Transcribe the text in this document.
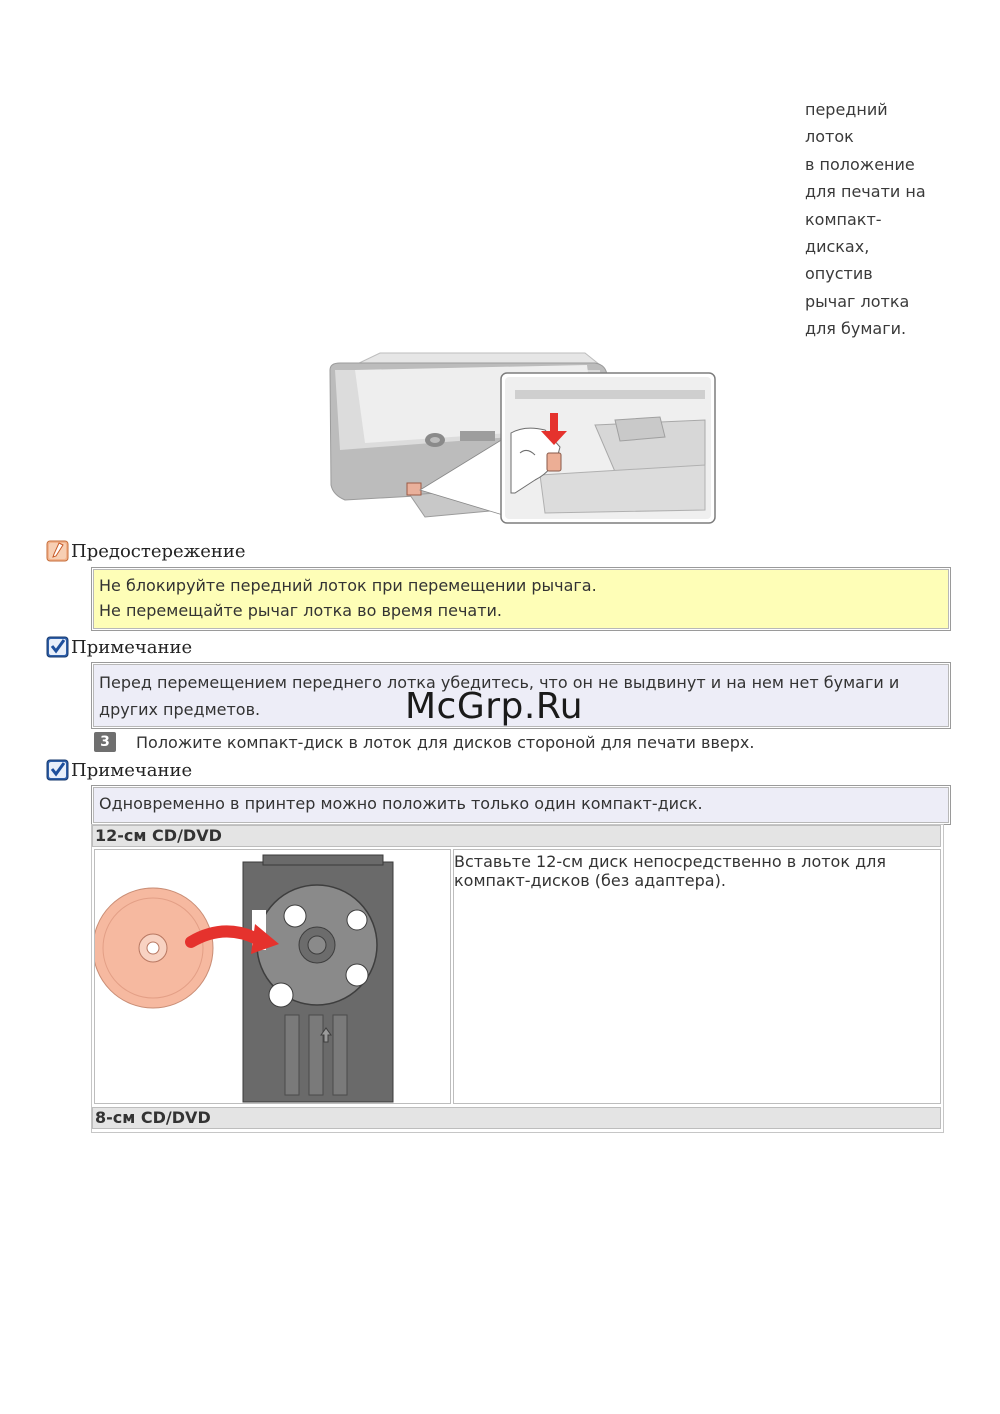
передний
лоток
в положение
для печати на
компакт-
дисках,
опустив
рычаг лотка
для бумаги.
Предостережение
Не блокируйте передний лоток при перемещении рычага.
Не перемещайте рычаг лотка во время печати.
Примечание
Перед перемещением переднего лотка убедитесь, что он не выдвинут и на нем нет бумаги и
других предметов.
3	Положите компакт-диск в лоток для дисков стороной для печати вверх.
Примечание
Одновременно в принтер можно положить только один компакт-диск.
12-см CD/DVD
Вставьте 12-см диск непосредственно в лоток для
компакт-дисков (без адаптера).
8-см CD/DVD
McGrp.Ru
